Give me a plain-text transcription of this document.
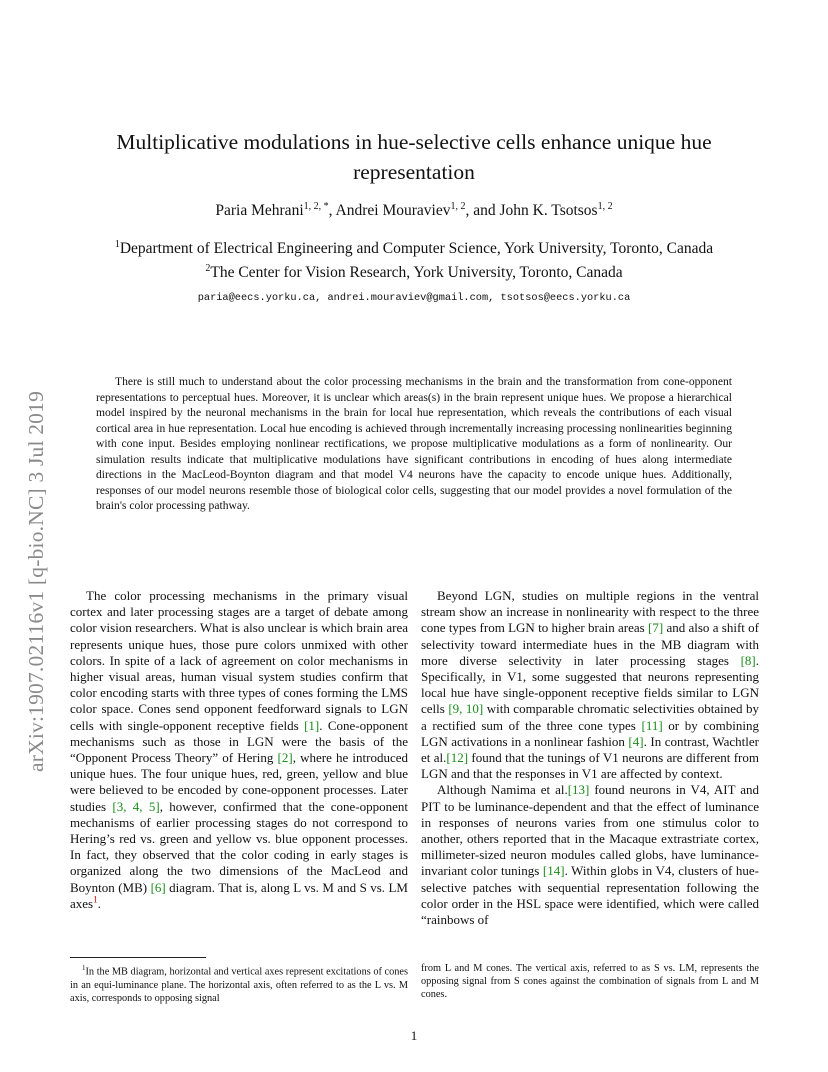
arXiv:1907.02116v1 [q-bio.NC] 3 Jul 2019
Multiplicative modulations in hue-selective cells enhance unique hue representation
Paria Mehrani$^{1, 2, *}$, Andrei Mouraviev$^{1, 2}$, and John K. Tsotsos$^{1, 2}$
$^1$Department of Electrical Engineering and Computer Science, York University, Toronto, Canada
$^2$The Center for Vision Research, York University, Toronto, Canada
paria@eecs.yorku.ca, andrei.mouraviev@gmail.com, tsotsos@eecs.yorku.ca

There is still much to understand about the color processing mechanisms in the brain and the transformation from cone-opponent representations to perceptual hues. Moreover, it is unclear which areas(s) in the brain represent unique hues. We propose a hierarchical model inspired by the neuronal mechanisms in the brain for local hue representation, which reveals the contributions of each visual cortical area in hue representation. Local hue encoding is achieved through incrementally increasing processing nonlinearities beginning with cone input. Besides employing nonlinear rectifications, we propose multiplicative modulations as a form of nonlinearity. Our simulation results indicate that multiplicative modulations have significant contributions in encoding of hues along intermediate directions in the MacLeod-Boynton diagram and that model V4 neurons have the capacity to encode unique hues. Additionally, responses of our model neurons resemble those of biological color cells, suggesting that our model provides a novel formulation of the brain's color processing pathway.

The color processing mechanisms in the primary visual cortex and later processing stages are a target of debate among color vision researchers. What is also unclear is which brain area represents unique hues, those pure colors unmixed with other colors. In spite of a lack of agreement on color mechanisms in higher visual areas, human visual system studies confirm that color encoding starts with three types of cones forming the LMS color space. Cones send opponent feedforward signals to LGN cells with single-opponent receptive fields [1]. Cone-opponent mechanisms such as those in LGN were the basis of the “Opponent Process Theory” of Hering [2], where he introduced unique hues. The four unique hues, red, green, yellow and blue were believed to be encoded by cone-opponent processes. Later studies [3, 4, 5], however, confirmed that the cone-opponent mechanisms of earlier processing stages do not correspond to Hering’s red vs. green and yellow vs. blue opponent processes. In fact, they observed that the color coding in early stages is organized along the two dimensions of the MacLeod and Boynton (MB) [6] diagram. That is, along L vs. M and S vs. LM axes$^1$.

Beyond LGN, studies on multiple regions in the ventral stream show an increase in nonlinearity with respect to the three cone types from LGN to higher brain areas [7] and also a shift of selectivity toward intermediate hues in the MB diagram with more diverse selectivity in later processing stages [8]. Specifically, in V1, some suggested that neurons representing local hue have single-opponent receptive fields similar to LGN cells [9, 10] with comparable chromatic selectivities obtained by a rectified sum of the three cone types [11] or by combining LGN activations in a nonlinear fashion [4]. In contrast, Wachtler et al.[12] found that the tunings of V1 neurons are different from LGN and that the responses in V1 are affected by context.

Although Namima et al.[13] found neurons in V4, AIT and PIT to be luminance-dependent and that the effect of luminance in responses of neurons varies from one stimulus color to another, others reported that in the Macaque extrastriate cortex, millimeter-sized neuron modules called globs, have luminance-invariant color tunings [14]. Within globs in V4, clusters of hue-selective patches with sequential representation following the color order in the HSL space were identified, which were called “rainbows of

$^1$In the MB diagram, horizontal and vertical axes represent excitations of cones in an equi-luminance plane. The horizontal axis, often referred to as the L vs. M axis, corresponds to opposing signal

from L and M cones. The vertical axis, referred to as S vs. LM, represents the opposing signal from S cones against the combination of signals from L and M cones.

1
